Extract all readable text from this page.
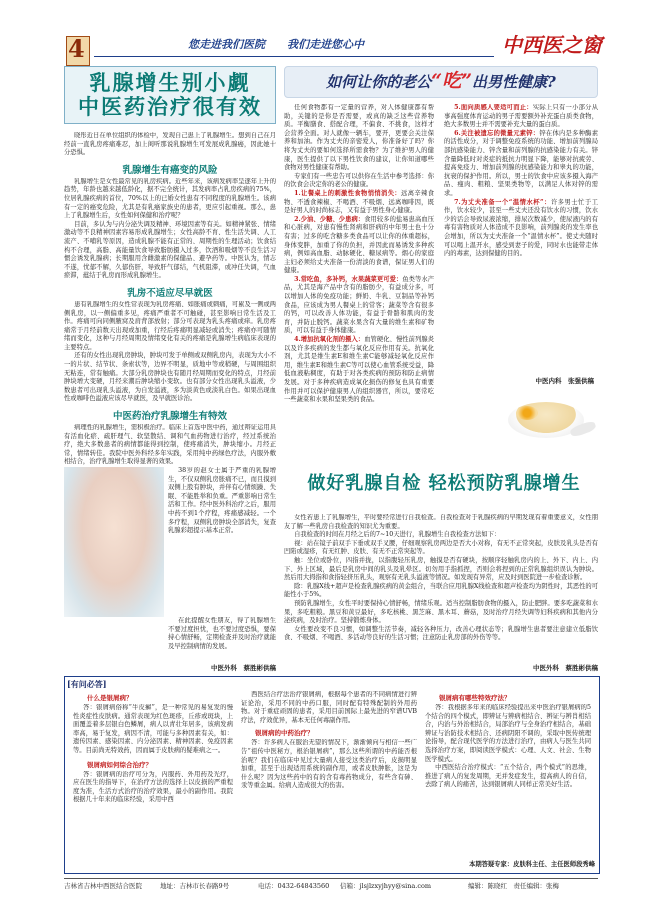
4	您走进我们医院　　我们走进您心中	中西医之窗
乳腺增生别小觑
中医药治疗很有效

晓彤近日在单位组织的体检中，发现自己患上了乳腺增生。想到自己在月经前一直乳房疼痛难忍，加上闺听那说乳腺增生可发展成乳腺癌，因此她十分恐惧。

乳腺增生有癌变的风险

乳腺增生是女性最常见的乳房疾病。近些年来，该病发病率呈逐年上升的趋势，年龄也越来越低龄化，据不完全统计，其发病率占乳房疾病的75%，位居乳腺疾病的首位，70%以上的已婚女性患有不同程度的乳腺增生。该病有一定的癌变危险，尤其是有乳癌家族史的患者，更应引起重视。那么，患上了乳腺增生后，女性如何保健和治疗呢？
目前，多认为与内分泌失调及精神、环境因素等有关。如精神紧张、情绪激动等不良精神因素容易形成乳腺增生；女性高龄不育、性生活失调、人工流产、不哺乳等原因，造成乳腺不能有正常的、周期性的生理活动；饮食结构不合理，高脂、高能量饮食导致脂肪摄入过多，饮酒和吸烟等不良生活习惯会诱发乳腺病；长期服用含雌激素的保健品、避孕药等。中医认为，情志不遂，忧郁不解，久郁伤肝，导致肝气郁结，气机阻滞，或冲任失调，气血瘀滞，蕴结于乳房而形成乳腺增生。

乳房不适应尽早就医

患有乳腺增生的女性常表现为乳房疼痛、如胀痛或刺痛，可累及一侧或两侧乳房，以一侧偏重多见，疼痛严重者不可触碰，甚至影响日常生活及工作。疼痛可向同侧腋窝及肩背部放射；部分可表现为乳头疼痛或痒。乳房疼痛常于月经前数天出现或加重，行经后疼痛明显减轻或消失；疼痛亦可随情绪而变化，这种与月经周期及情绪变化有关的疼痛是乳腺增生病临床表现的主要特点。
还有的女性出现乳房肿块，肿块可发于单侧或双侧乳房内，表现为大小不一的片状、结节状、条索状等，边界不明显，质地中等或稍硬，与周围组织无粘连，常有触痛。大部分乳房肿块也有随月经周期而变化的特点，月经前肿块增大变硬，月经来潮后肿块缩小变软。也有部分女性出现乳头溢液，少数患者可出现乳头溢液，为自发溢液，多为淡黄色或淡乳白色。如果出现血性或咖啡色溢液应该尽早就医，及早就医诊治。

中医药治疗乳腺增生有特效

病理性的乳腺增生，需积极治疗。临床上首选中医中药，通过辩证运用具有活血化瘀、疏肝理气、软坚散结、调和气血药物进行治疗，经过系统治疗，绝大多数患者的病情都能得到控制，使疼痛消失，肿块缩小。月经正常，情绪转佳。我院中医外科经多年实践，采用纯中药绿色疗法，内服外敷相结合，治疗乳腺增生取得显著的效果。

38岁的赵女士属于严重的乳腺增生，不仅双侧乳房胀痛不已，而且摸到双侧上股有肿块，并伴有心情烦躁、失眠、不能胜举和负重。严重影响日常生活和工作。经中医外科治疗之后，服用中药不到1个疗程，疼痛感减轻。一个多疗程，双侧乳房肿块全部消失，复查乳腺彩超提示基本正常。

在此提醒女性朋友，得了乳腺增生不要过度担忧，也不要过度恐惧，要保持心情舒畅，定期检查并及时治疗就能及早控制病情的发展。

中医外科　蔡胜彬供稿
如何让你的老公“吃”出男性健康?

任何食物都有一定量的营养，对人体健康都有帮助，关键的是你是否需要，或真的缺乏这些营养物质。平衡膳食、搭配合理，不偏食、不挑食，这样才会营养全面。对人就像一辆车，要开，更要会关注保养和加油。作为丈夫的亲密爱人，你准备好了吗？你将为丈夫的要如何选择所需食物？为了维护男人的健康，医生提供了以下男性饮食的建议，让你知道哪些食物对男性健康有帮助。
专家们有一些忠告可以供你在生活中参考选择：你的饮食会决定你的老公的健康。
1.让餐桌上的刺激性食物悄悄消失：远离辛辣食物、不透食辣椒、不喝酒、不吸烟、远离咖啡因，既是好男人的时尚标志，又有益于男性身心健康。
2.少油、少糖、少患病：食用较多的盐易患高血压和心脏病，对患有慢性肾病和肝病的中年男士也十分有害；过多的吃含糖多类食品可以让你的体重超标，身体变胖，加重了你的负担，并因此而易诱发多种疾病，例如高血脂、动脉硬化、糖尿病等。烟心的家庭主妇必须给丈夫准备一份清淡的食谱，保证男人们的健康。
3.常吃鱼，多补钙，水果蔬菜更可爱：鱼类等水产品，尤其是海产品中含有的脂肪少，有益成分多，可以增加人体的免疫功能；鲜奶、牛乳、豆制品等补钙食品，应该成为男人餐桌上的常客；蔬菜等含有很多的钙，可以改善人体功能，有益于骨骼和肌肉的发育，并防止脱钙。蔬菜水果含有大量的维生素和矿物质，可以有益于身体健康。
4.增加抗氧化剂的摄入：血管硬化、慢性前列腺炎以及许多疾病的发生都与氧化反应作用有关。抗氧化剂，尤其是维生素E和维生素C能够减轻氧化反应作用，维生素E和维生素C等可以使心血管系统受益，降低血液粘稠度，有助于对各类疾病的预防和防止病情发展。对于多种疾病造成氧化损伤的修复也具有重要作用并可以保护健康男人的组织器官，所以，要常吃一些蔬菜和水果和坚果类的食品。

5.面向质感人要适可而止：实际上只有一小部分从事高强度体育运动的男子需要额外补充蛋白质类食物，绝大多数男士并不需要补充大量的蛋白质。
6.关注被遗忘的微量元素锌：锌在体内是多种酶素的活性成分，对于调整免疫系统的功能、增加前列腺局部抗感染能力、锌含量和前列腺的抗感染能力有关。锌含量降低时对炎症的抵抗力明显下降，能够对抗疲劳、提高免疫力、增加前列腺的抗感染能力和睾丸的功能，抗衰的保护作用。所以，男士的饮食中应该多摄入海产品、瘦肉、粗粮、坚果类物等，以满足人体对锌的需求。
7.为丈夫准备一个“温情水杯”：许多男士忙于工作，饮水较少，甚至一些丈夫还没有饮水的习惯，饮水少的话会导致尿液浓缩，排尿次数减少，使尿液内的有毒有害物质对人体造成不良影响，前列腺炎的发生率也会增加，所以为丈夫准备一个“温情水杯”。使丈夫随时可以喝上温开水，感受到妻子的爱，同时水也能带走体内的毒素，达到保健的目的。

中医内科　张强供稿

女性若患上了乳腺增生，平时要经常进行自我检查。自我检查对于乳腺疾病的早期发现有着重要意义，女性朋友了解一些乳房自我检查的知识尤为重要。
自我检查的时间在月经之后的7~10天进行，乳腺增生自我检查方法如下：
视：站在镜子前双手下垂或双手叉腰，仔细观察乳房两边是否大小对称，有无不正常突起，皮肤及乳头是否有凹陷或湿疹，有无红肿、皮肤、有无不正常突起等。
触：坐位或卧位，四指并拢，以指腹轻压乳房，触摸是否有硬块，按顺序轻触乳房内的上、外下、内上、内下、外上区域，最后是乳房中间的乳头及乳晕区。切勿用手指抓捏，否则会将捏到的正常乳腺组织误认为肿块。然后用大拇指和食指轻挤压乳头，观察有无乳头溢液等情况。如发现有异常，应及时到医院进一步检查诊断。
除：乳腺X线+超声是检查乳腺疾病的黄金组合，当联合应用乳腺X线检查和超声检查均为阴性时，其恶性的可能性小于5%。
预防乳腺增生，女性平时要保持心情舒畅，情绪乐观。适当控制脂肪食物的摄入，防止肥胖。要多吃蔬菜和水果，多吃粗粮。黑豆和黄豆最好，多吃核桃、黑芝麻、黑木耳、蘑菇，及时治疗月经失调等妇科疾病和其他内分泌疾病，及时治疗。坚持锻炼身体。
女性要改变不良习惯，如调整生活节奏，减轻各种压力，改善心理状态等；乳腺增生患者要注意建立低脂饮食、不吸烟、不喝酒、多活动等良好的生活习惯；注意防止乳房部的外伤等等。

做好乳腺自检 轻松预防乳腺增生
中医外科　蔡胜彬供稿
[有问必答]
什么是银屑病？

答：银屑病俗称“牛皮癣”，是一种常见的易复发的慢性炎症性皮肤病。通常表现为红色斑疹，丘疹或斑块，上面覆盖着多层银白色鳞屑，病人以青壮年居多，该病发病率高，易于复发，病因不清，可能与多种因素有关，如：遗传因素、感染因素、内分泌因素、精神因素、免疫因素等。目前尚无特效药，因而属于皮肤病的疑难病之一。

银屑病如何综合治疗？

答：银屑病的治疗可分为，内服药、外用药及光疗，应在医生的指导下，在治疗方法的选择上以皮损的严重程度为准，生活方式治疗的治疗效果，最小的副作用。我院根据几十年来的临床经验，采用中西

西医结合疗法治疗银屑病，根据每个患者的不同病情进行辨证论治，采用不同的中药口服，同时配有特殊配制的外用药物。对于重症顽固的患者，采用目前国际上最先进的窄谱UVB疗法，疗效优异，基本无任何毒副作用。

银屑病的中药治疗？

答：许多病人在服治无望的情况下，渐渐倾向与相信一些广告“祖传中医秘方，根治银屑病”，那么这些所谓的中药能否根治呢？我们在临床中见过大量病人接受这类治疗后，皮损明显加重，甚至于出现适用系统的副作用，或者皮肤肿胀，这是为什么呢？因为这些药中的有的含有毒药物成分，有些含有砷、汞等重金属。给病人造成很大的伤害。

银屑病有哪些特效疗法？

答：我根据多年来的临床经验提出来中医治疗银屑病的5个结合的四个模式，即辨证与辨病相结合、辨证与辨肖相结合，内治与外治相结合，局部治疗与全身治疗相结合，基础辨证与治防技术相结合、还病阴阳不调的，采取中医传统理论指导，配合现代医学的方法进行治疗，由病人与医生共同选择治疗方案，即阅读医学模式：心理、人文、社会、生物医学模式。
中西医结合治疗模式：“五个结合，两个模式”的思维，推进了病人的复发周期，无并发症发生，提高病人的自信，去除了病人的痛苦，达到银屑病人同样正常美好生活。

本期答疑专家：皮肤科主任、主任医师段秀峰
吉林省吉林中西医结合医院	地址：吉林市长春路9号	电话：0432-64843560 信箱：jlsjlzxyjhyy@sina.com	编辑：陈晓红　责任编辑：张梅
